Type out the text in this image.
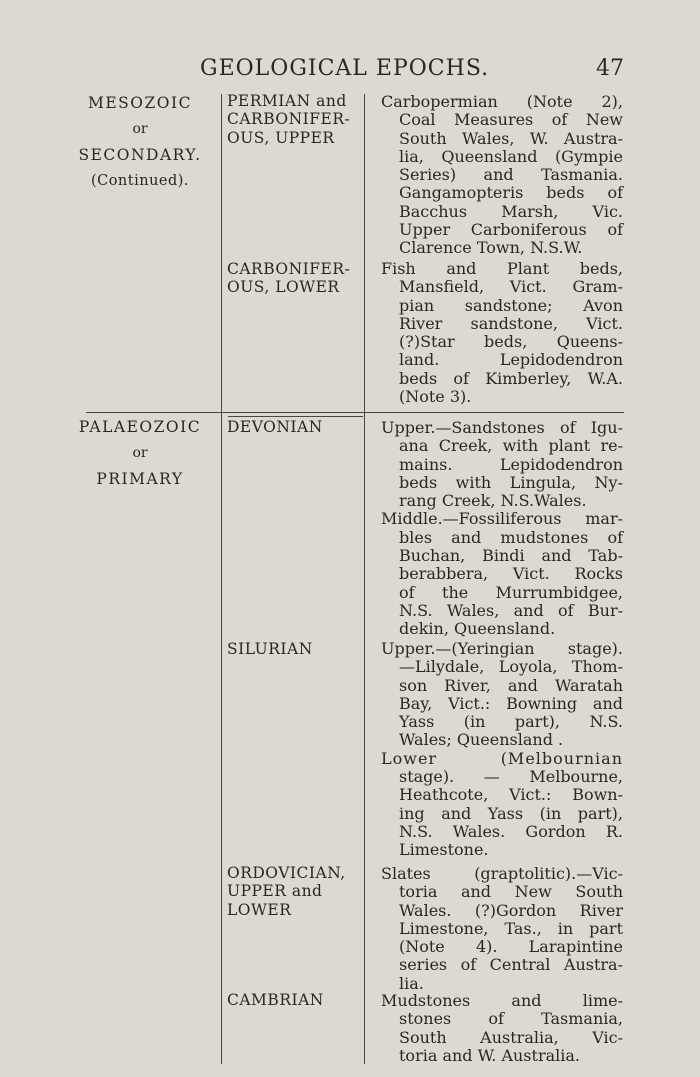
GEOLOGICAL EPOCHS.	47
MESOZOIC
or
SECONDARY.
(Continued).
PALAEOZOIC
or
PRIMARY
PERMIAN and
CARBONIFER-
OUS, UPPER
CARBONIFER-
OUS, LOWER
DEVONIAN
SILURIAN
ORDOVICIAN,
UPPER and
LOWER
CAMBRIAN
Carbopermian (Note 2),
Coal Measures of New
South Wales, W. Austra-
lia, Queensland (Gympie
Series) and Tasmania.
Gangamopteris beds of
Bacchus Marsh, Vic.
Upper Carboniferous of
Clarence Town, N.S.W.
Fish and Plant beds,
Mansfield, Vict. Gram-
pian sandstone; Avon
River sandstone, Vict.
(?)Star beds, Queens-
land. Lepidodendron
beds of Kimberley, W.A.
(Note 3).
Upper.—Sandstones of Igu-
ana Creek, with plant re-
mains. Lepidodendron
beds with Lingula, Ny-
rang Creek, N.S.Wales.
Middle.—Fossiliferous mar-
bles and mudstones of
Buchan, Bindi and Tab-
berabbera, Vict. Rocks
of the Murrumbidgee,
N.S. Wales, and of Bur-
dekin, Queensland.
Upper.—(Yeringian stage).
—Lilydale, Loyola, Thom-
son River, and Waratah
Bay, Vict.: Bowning and
Yass (in part), N.S.
Wales; Queensland .
Lower (Melbournian
stage). — Melbourne,
Heathcote, Vict.: Bown-
ing and Yass (in part),
N.S. Wales. Gordon R.
Limestone.
Slates (graptolitic).—Vic-
toria and New South
Wales. (?)Gordon River
Limestone, Tas., in part
(Note 4). Larapintine
series of Central Austra-
lia.
Mudstones and lime-
stones of Tasmania,
South Australia, Vic-
toria and W. Australia.
